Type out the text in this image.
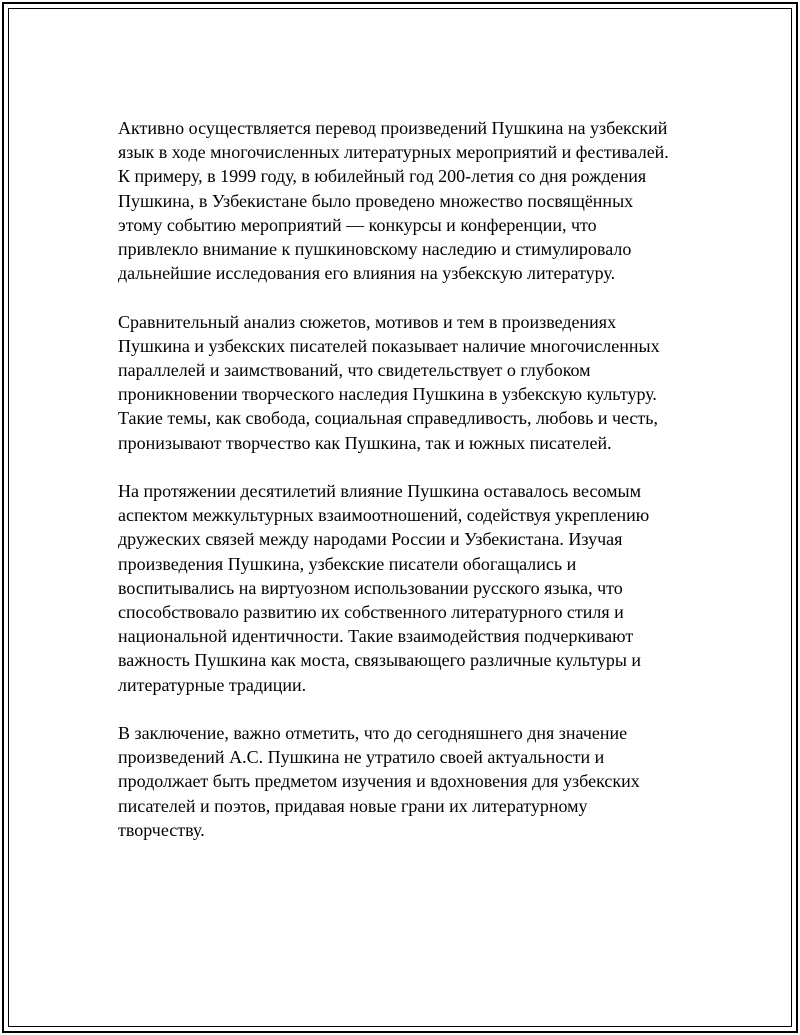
Активно осуществляется перевод произведений Пушкина на узбекский
язык в ходе многочисленных литературных мероприятий и фестивалей.
К примеру, в 1999 году, в юбилейный год 200-летия со дня рождения
Пушкина, в Узбекистане было проведено множество посвящённых
этому событию мероприятий — конкурсы и конференции, что
привлекло внимание к пушкиновскому наследию и стимулировало
дальнейшие исследования его влияния на узбекскую литературу.

Сравнительный анализ сюжетов, мотивов и тем в произведениях
Пушкина и узбекских писателей показывает наличие многочисленных
параллелей и заимствований, что свидетельствует о глубоком
проникновении творческого наследия Пушкина в узбекскую культуру.
Такие темы, как свобода, социальная справедливость, любовь и честь,
пронизывают творчество как Пушкина, так и южных писателей.

На протяжении десятилетий влияние Пушкина оставалось весомым
аспектом межкультурных взаимоотношений, содействуя укреплению
дружеских связей между народами России и Узбекистана. Изучая
произведения Пушкина, узбекские писатели обогащались и
воспитывались на виртуозном использовании русского языка, что
способствовало развитию их собственного литературного стиля и
национальной идентичности. Такие взаимодействия подчеркивают
важность Пушкина как моста, связывающего различные культуры и
литературные традиции.

В заключение, важно отметить, что до сегодняшнего дня значение
произведений А.С. Пушкина не утратило своей актуальности и
продолжает быть предметом изучения и вдохновения для узбекских
писателей и поэтов, придавая новые грани их литературному
творчеству.
